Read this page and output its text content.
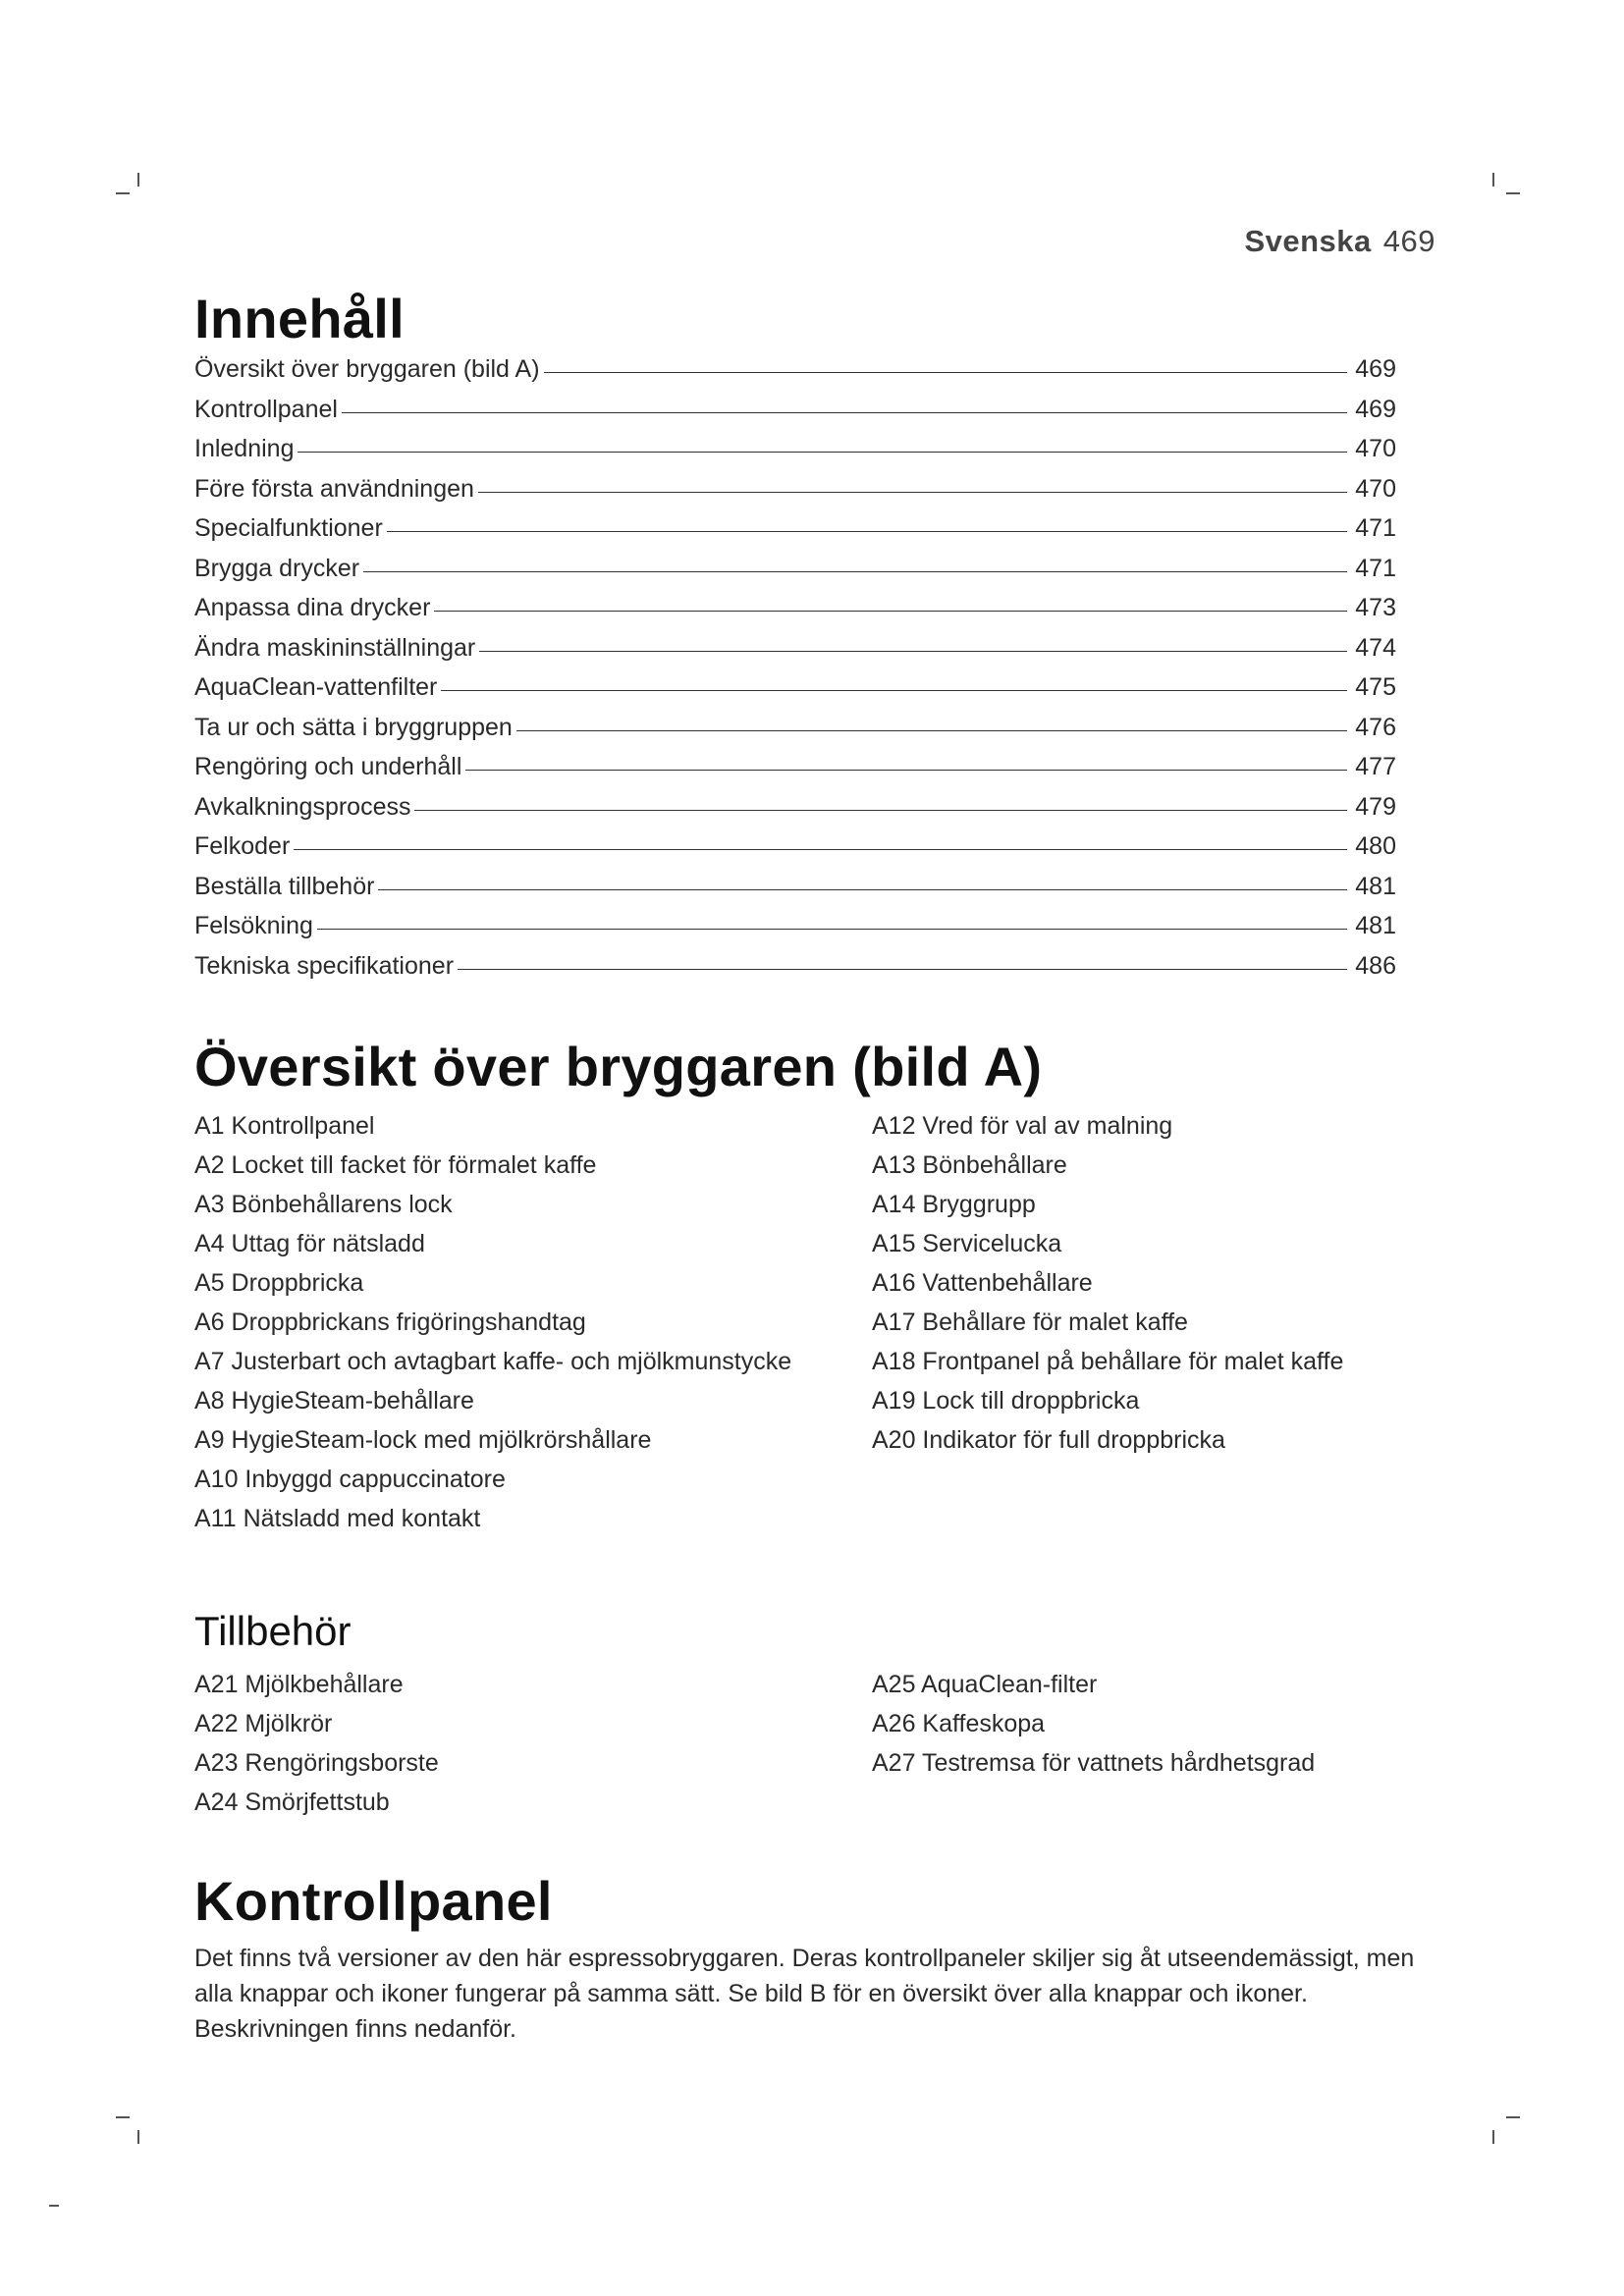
Svenska 469
Innehåll
Översikt över bryggaren (bild A)	469
Kontrollpanel	469
Inledning	470
Före första användningen	470
Specialfunktioner	471
Brygga drycker	471
Anpassa dina drycker	473
Ändra maskininställningar	474
AquaClean-vattenfilter	475
Ta ur och sätta i bryggruppen	476
Rengöring och underhåll	477
Avkalkningsprocess	479
Felkoder	480
Beställa tillbehör	481
Felsökning	481
Tekniska specifikationer	486
Översikt över bryggaren (bild A)
A1 Kontrollpanel
A2 Locket till facket för förmalet kaffe
A3 Bönbehållarens lock
A4 Uttag för nätsladd
A5 Droppbricka
A6 Droppbrickans frigöringshandtag
A7 Justerbart och avtagbart kaffe- och mjölkmunstycke
A8 HygieSteam-behållare
A9 HygieSteam-lock med mjölkrörshållare
A10 Inbyggd cappuccinatore
A11 Nätsladd med kontakt
A12 Vred för val av malning
A13 Bönbehållare
A14 Bryggrupp
A15 Servicelucka
A16 Vattenbehållare
A17 Behållare för malet kaffe
A18 Frontpanel på behållare för malet kaffe
A19 Lock till droppbricka
A20 Indikator för full droppbricka
Tillbehör
A21 Mjölkbehållare
A22 Mjölkrör
A23 Rengöringsborste
A24 Smörjfettstub
A25 AquaClean-filter
A26 Kaffeskopa
A27 Testremsa för vattnets hårdhetsgrad
Kontrollpanel

Det finns två versioner av den här espressobryggaren. Deras kontrollpaneler skiljer sig åt utseendemässigt, men alla knappar och ikoner fungerar på samma sätt. Se bild B för en översikt över alla knappar och ikoner. Beskrivningen finns nedanför.
